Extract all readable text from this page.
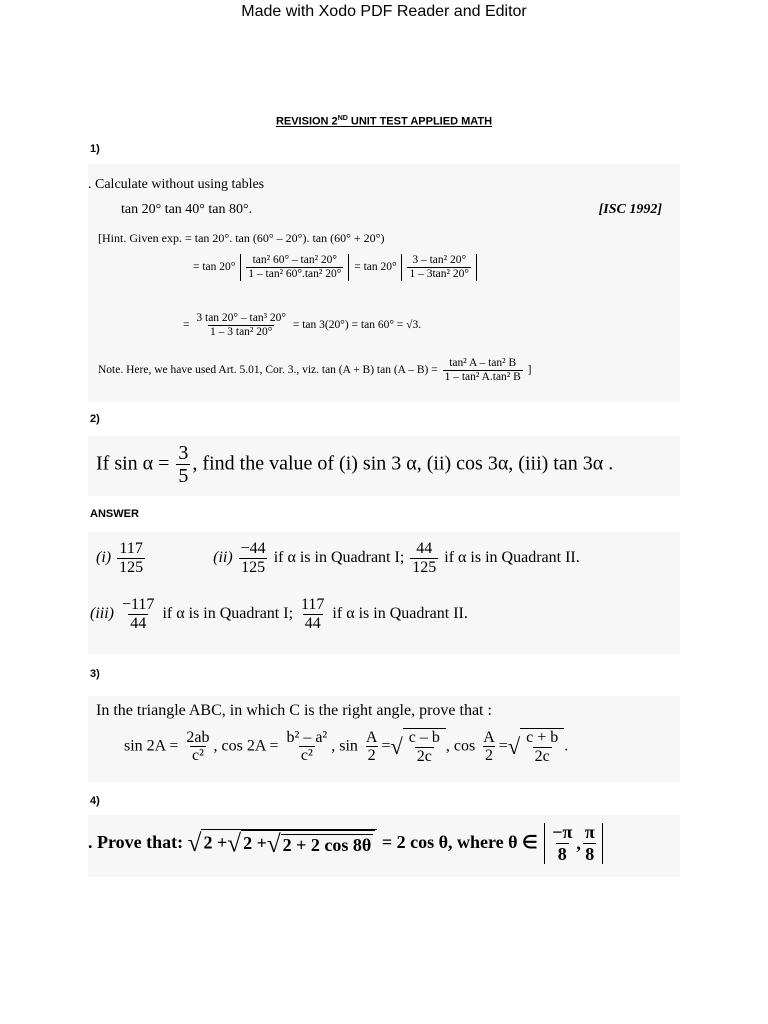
Made with Xodo PDF Reader and Editor
REVISION 2ND UNIT TEST APPLIED MATH
1)
. Calculate without using tables
tan 20° tan 40° tan 80°.	[ISC 1992]
[Hint. Given exp. = tan 20°. tan (60° – 20°). tan (60° + 20°)
= $\tan 20^\circ \frac{\text{tan² 60° – tan² 20°}}{\text{1 – tan² 60°.tan² 20°}} = \tan 20^\circ \frac{\text{3 – tan² 20°}}{\text{1 – 3tan² 20°}}$
= $\frac{\text{3 tan 20° – tan³ 20°}}{\text{1 – 3 tan² 20°}} = \tan 3(20^\circ) = \tan 60^\circ = √3$.
Note. Here, we have used Art. 5.01, Cor. 3., viz. tan (A + B) $\tan (A - B) = \frac{\text{tan² A – tan² B}}{\text{1 – tan² A.tan² B}}$ ]
2)
If $\sin \alpha = \frac{3}{5}$ , find the value of (i) sin 3 α, (ii) cos 3α, (iii) tan 3α .
ANSWER
$(i) \frac{117}{125}$	$(ii) \frac{-44}{125}$ if α is in Quadrant I; $\frac{44}{125}$ if α is in Quadrant II.
$(iii) \frac{-117}{44}$ if α is in Quadrant I; $\frac{117}{44}$ if α is in Quadrant II.
3)
In the triangle ABC, in which C is the right angle, prove that :
$\sin 2A = \frac{2ab}{\text{c²}}$ , $\cos 2A = \frac{\text{b² – a²}}{\text{c²}}$ , $\sin \frac{A}{2}$ =√ $\frac{c - b}{2c}$ , $\cos \frac{A}{2}$ =√ $\frac{c + b}{2c}$ .
4)
. Prove that: √ 2 +√ 2 +√ 2 + 2 cos 8θ = 2 cos θ, where θ ∈ $\frac{-\pi}{8}$ , $\frac{\pi}{8}$
